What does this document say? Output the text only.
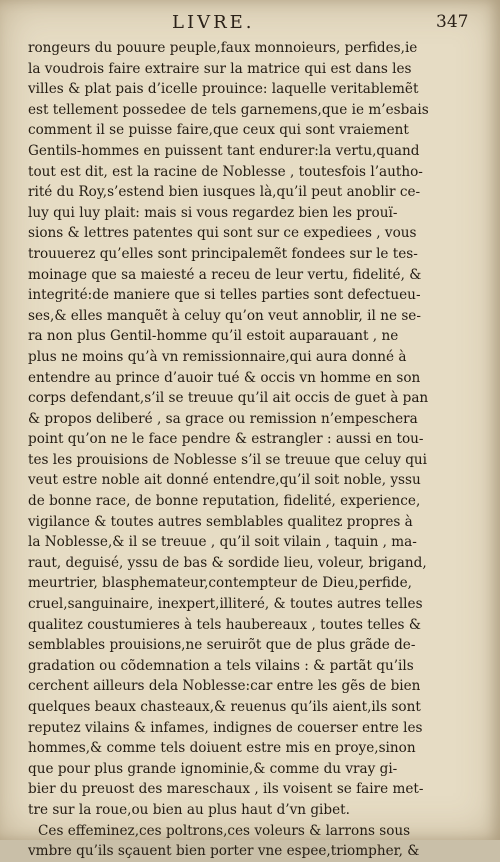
LIVRE.	347
rongeurs du pouure peuple,faux monnoieurs, perfides,ie
la voudrois faire extraire sur la matrice qui est dans les
villes & plat pais d’icelle prouince: laquelle veritablemẽt
est tellement possedee de tels garnemens,que ie m’esbais
comment il se puisse faire,que ceux qui sont vraiement
Gentils-hommes en puissent tant endurer:la vertu,quand
tout est dit, est la racine de Noblesse , toutesfois l’autho-
rité du Roy,s’estend bien iusques là,qu’il peut anoblir ce-
luy qui luy plait: mais si vous regardez bien les prouï-
sions & lettres patentes qui sont sur ce expediees , vous
trouuerez qu’elles sont principalemẽt fondees sur le tes-
moinage que sa maiesté a receu de leur vertu, fidelité, &
integrité:de maniere que si telles parties sont defectueu-
ses,& elles manquẽt à celuy qu’on veut annoblir, il ne se-
ra non plus Gentil-homme qu’il estoit auparauant , ne
plus ne moins qu’à vn remissionnaire,qui aura donné à
entendre au prince d’auoir tué & occis vn homme en son
corps defendant,s’il se treuue qu’il ait occis de guet à pan
& propos deliberé , sa grace ou remission n’empeschera
point qu’on ne le face pendre & estrangler : aussi en tou-
tes les prouisions de Noblesse s’il se treuue que celuy qui
veut estre noble ait donné entendre,qu’il soit noble, yssu
de bonne race, de bonne reputation, fidelité, experience,
vigilance & toutes autres semblables qualitez propres à
la Noblesse,& il se treuue , qu’il soit vilain , taquin , ma-
raut, deguisé, yssu de bas & sordide lieu, voleur, brigand,
meurtrier, blasphemateur,contempteur de Dieu,perfide,
cruel,sanguinaire, inexpert,illiteré, & toutes autres telles
qualitez coustumieres à tels haubereaux , toutes telles &
semblables prouisions,ne seruirõt que de plus grãde de-
gradation ou cõdemnation a tels vilains : & partãt qu’ils
cerchent ailleurs dela Noblesse:car entre les gẽs de bien
quelques beaux chasteaux,& reuenus qu’ils aient,ils sont
reputez vilains & infames, indignes de couerser entre les
hommes,& comme tels doiuent estre mis en proye,sinon
que pour plus grande ignominie,& comme du vray gi-
bier du preuost des mareschaux , ils voisent se faire met-
tre sur la roue,ou bien au plus haut d’vn gibet.
Ces effeminez,ces poltrons,ces voleurs & larrons sous
vmbre qu’ils sçauent bien porter vne espee,triompher, &
